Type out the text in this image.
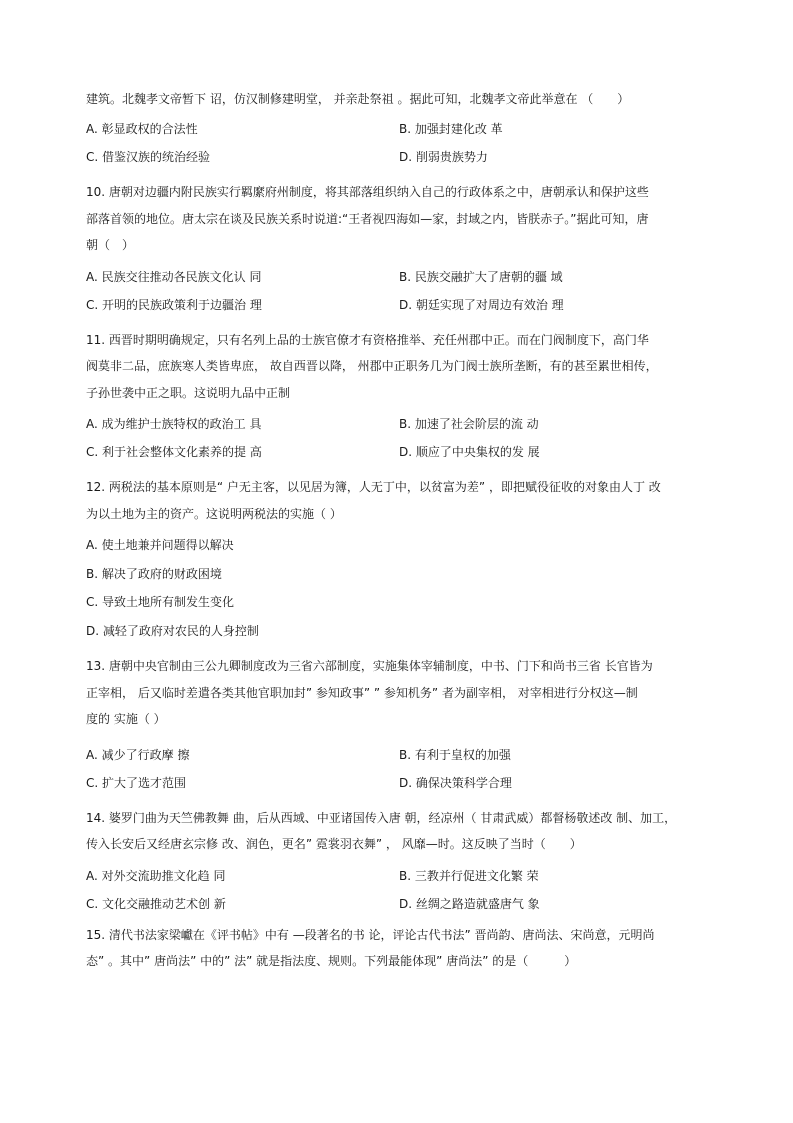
建筑。北魏孝文帝暂下 诏，仿汉制修建明堂， 并亲赴祭祖 。据此可知，北魏孝文帝此举意在 （　　）
A. 彰显政权的合法性	B. 加强封建化改 革
C. 借鉴汉族的统治经验	D. 削弱贵族势力
10. 唐朝对边疆内附民族实行羁縻府州制度，将其部落组织纳入自己的行政体系之中，唐朝承认和保护这些
部落首领的地位。唐太宗在谈及民族关系时说道:“王者视四海如—家，封域之内，皆朕赤子。”据此可知，唐
朝（　）
A. 民族交往推动各民族文化认 同	B. 民族交融扩大了唐朝的疆 域
C. 开明的民族政策利于边疆治 理	D. 朝廷实现了对周边有效治 理
11. 西晋时期明确规定，只有名列上品的士族官僚才有资格推举、充任州郡中正。而在门阀制度下，高门华
阀莫非二品，庶族寒人类皆卑庶， 故自西晋以降， 州郡中正职务几为门阀士族所垄断，有的甚至累世相传，
子孙世袭中正之职。这说明九品中正制
A. 成为维护士族特权的政治工 具	B. 加速了社会阶层的流 动
C. 利于社会整体文化素养的提 高	D. 顺应了中央集权的发 展
12. 两税法的基本原则是“ 户无主客，以见居为簿，人无丁中，以贫富为差” ，即把赋役征收的对象由人丁 改
为以土地为主的资产。这说明两税法的实施（ ）
A. 使土地兼并问题得以解决
B. 解决了政府的财政困境
C. 导致土地所有制发生变化
D. 减轻了政府对农民的人身控制
13. 唐朝中央官制由三公九卿制度改为三省六部制度，实施集体宰辅制度，中书、门下和尚书三省 长官皆为
正宰相， 后又临时差遣各类其他官职加封” 参知政事” ” 参知机务” 者为副宰相， 对宰相进行分权这—制
度的 实施（ ）
A. 减少了行政摩 擦	B. 有利于皇权的加强
C. 扩大了选才范围	D. 确保决策科学合理
14. 婆罗门曲为天竺佛教舞 曲，后从西域、中亚诸国传入唐 朝，经凉州（ 甘肃武威）都督杨敬述改 制、加工，
传入长安后又经唐玄宗修 改、润色，更名” 霓裳羽衣舞” ， 风靡—时。这反映了当时（　　）
A. 对外交流助推文化趋 同	B. 三教并行促进文化繁 荣
C. 文化交融推动艺术创 新	D. 丝绸之路造就盛唐气 象
15. 清代书法家梁巘在《评书帖》中有 —段著名的书 论，评论古代书法” 晋尚韵、唐尚法、宋尚意，元明尚
态” 。其中” 唐尚法” 中的” 法” 就是指法度、规则。下列最能体现” 唐尚法” 的是（　　　）
